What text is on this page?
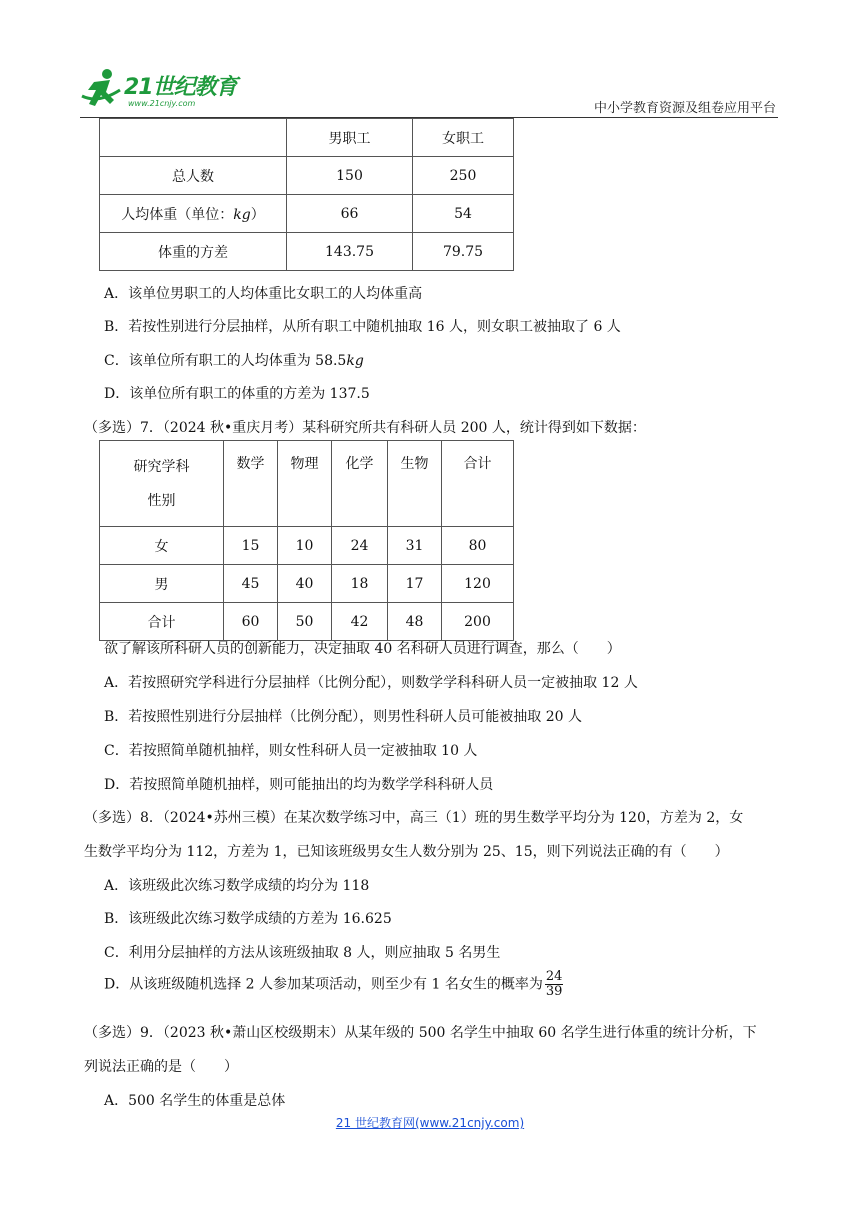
21世纪教育
www.21cnjy.com	中小学教育资源及组卷应用平台
	男职工	女职工
总人数	150	250
人均体重（单位：kg）	66	54
体重的方差	143.75	79.75
A．该单位男职工的人均体重比女职工的人均体重高
B．若按性别进行分层抽样，从所有职工中随机抽取 16 人，则女职工被抽取了 6 人
C．该单位所有职工的人均体重为 58.5kg
D．该单位所有职工的体重的方差为 137.5
（多选）7．（2024 秋•重庆月考）某科研究所共有科研人员 200 人，统计得到如下数据：
研究学科
性别	数学	物理	化学	生物	合计
女	15	10	24	31	80
男	45	40	18	17	120
合计	60	50	42	48	200
欲了解该所科研人员的创新能力，决定抽取 40 名科研人员进行调查，那么（　　）
A．若按照研究学科进行分层抽样（比例分配），则数学学科科研人员一定被抽取 12 人
B．若按照性别进行分层抽样（比例分配），则男性科研人员可能被抽取 20 人
C．若按照简单随机抽样，则女性科研人员一定被抽取 10 人
D．若按照简单随机抽样，则可能抽出的均为数学学科科研人员
（多选）8．（2024•苏州三模）在某次数学练习中，高三（1）班的男生数学平均分为 120，方差为 2，女
生数学平均分为 112，方差为 1，已知该班级男女生人数分别为 25、15，则下列说法正确的有（　　）
A．该班级此次练习数学成绩的均分为 118
B．该班级此次练习数学成绩的方差为 16.625
C．利用分层抽样的方法从该班级抽取 8 人，则应抽取 5 名男生
D．从该班级随机选择 2 人参加某项活动，则至少有 1 名女生的概率为 $\frac{24}{39}$
（多选）9．（2023 秋•萧山区校级期末）从某年级的 500 名学生中抽取 60 名学生进行体重的统计分析，下
列说法正确的是（　　）
A．500 名学生的体重是总体
21 世纪教育网(www.21cnjy.com)
